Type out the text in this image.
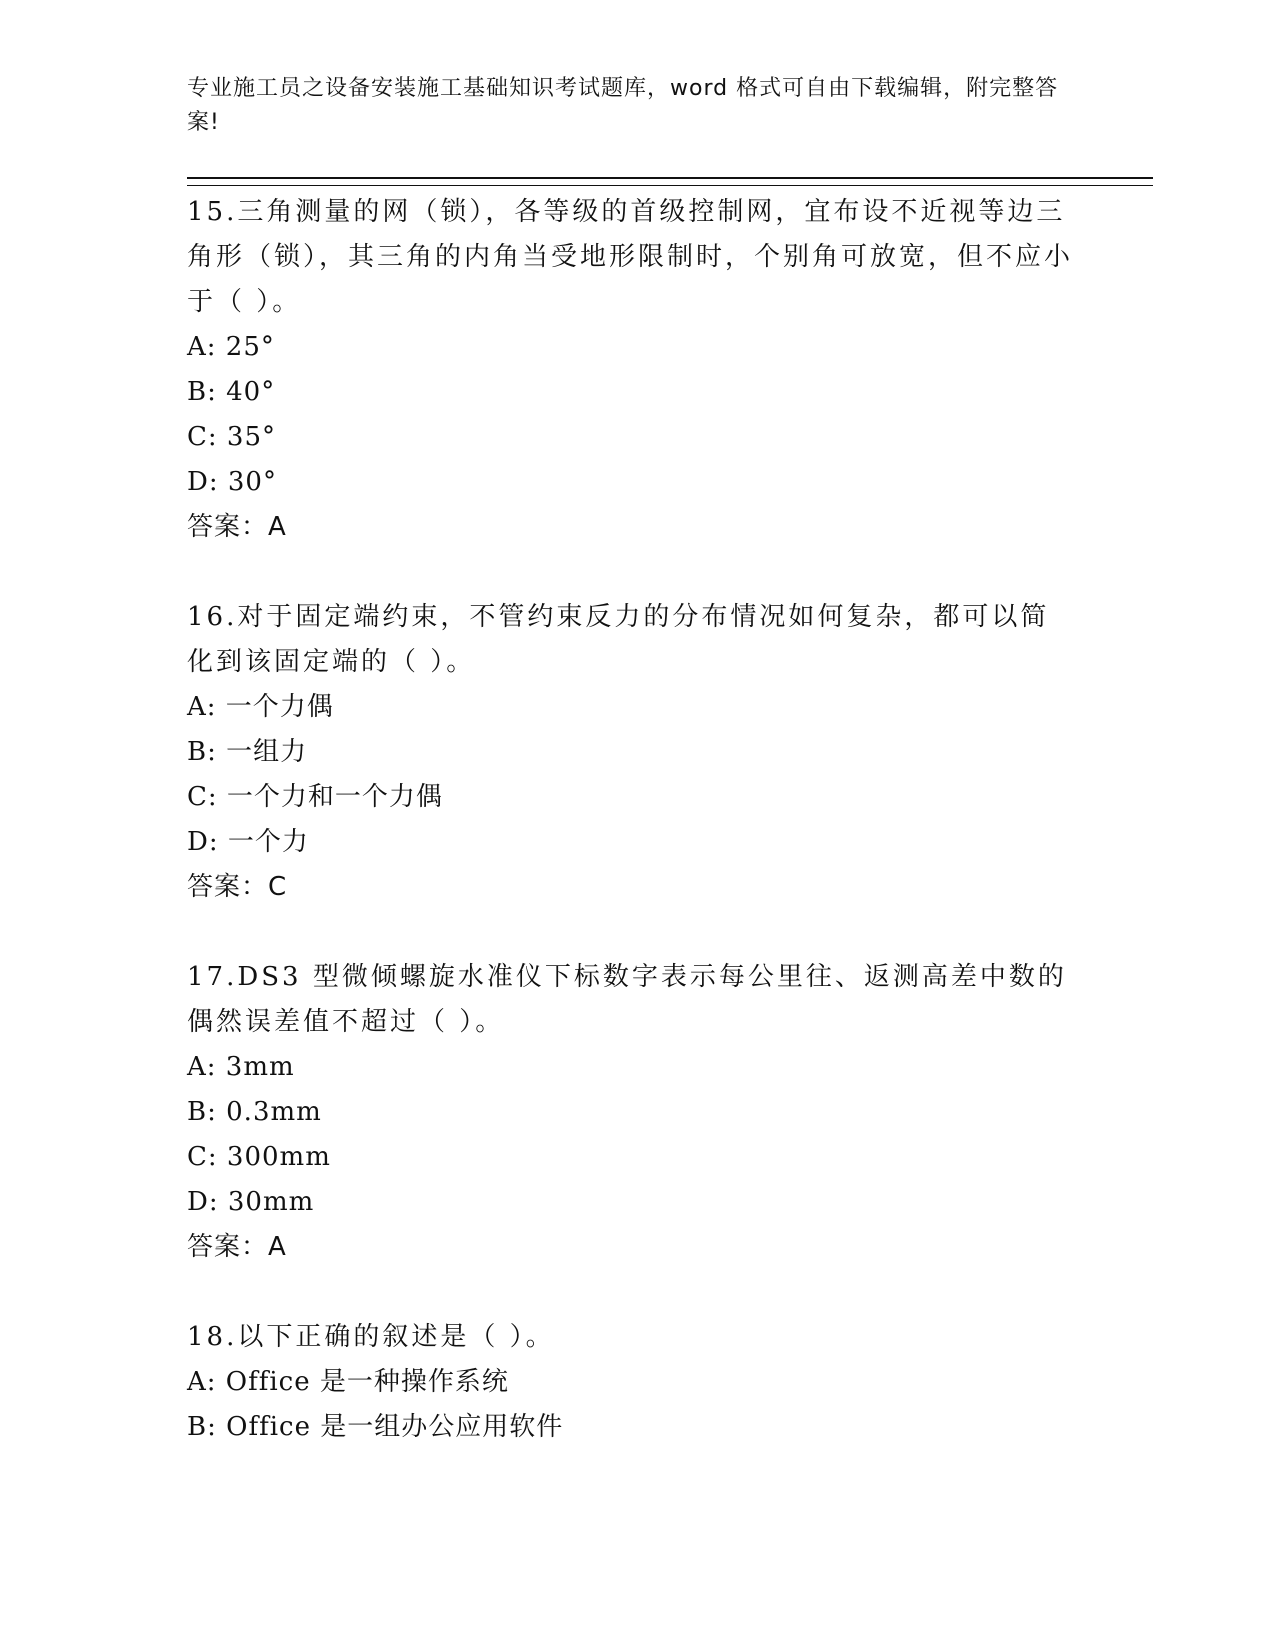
专业施工员之设备安装施工基础知识考试题库，word 格式可自由下载编辑，附完整答案!
15.三角测量的网（锁），各等级的首级控制网，宜布设不近视等边三角形（锁），其三角的内角当受地形限制时，个别角可放宽，但不应小于（ ）。
A: 25°
B: 40°
C: 35°
D: 30°
答案：A
16.对于固定端约束，不管约束反力的分布情况如何复杂，都可以简化到该固定端的（ ）。
A: 一个力偶
B: 一组力
C: 一个力和一个力偶
D: 一个力
答案：C
17.DS3 型微倾螺旋水准仪下标数字表示每公里往、返测高差中数的偶然误差值不超过（ ）。
A: 3mm
B: 0.3mm
C: 300mm
D: 30mm
答案：A
18.以下正确的叙述是（ ）。
A: Office 是一种操作系统
B: Office 是一组办公应用软件
